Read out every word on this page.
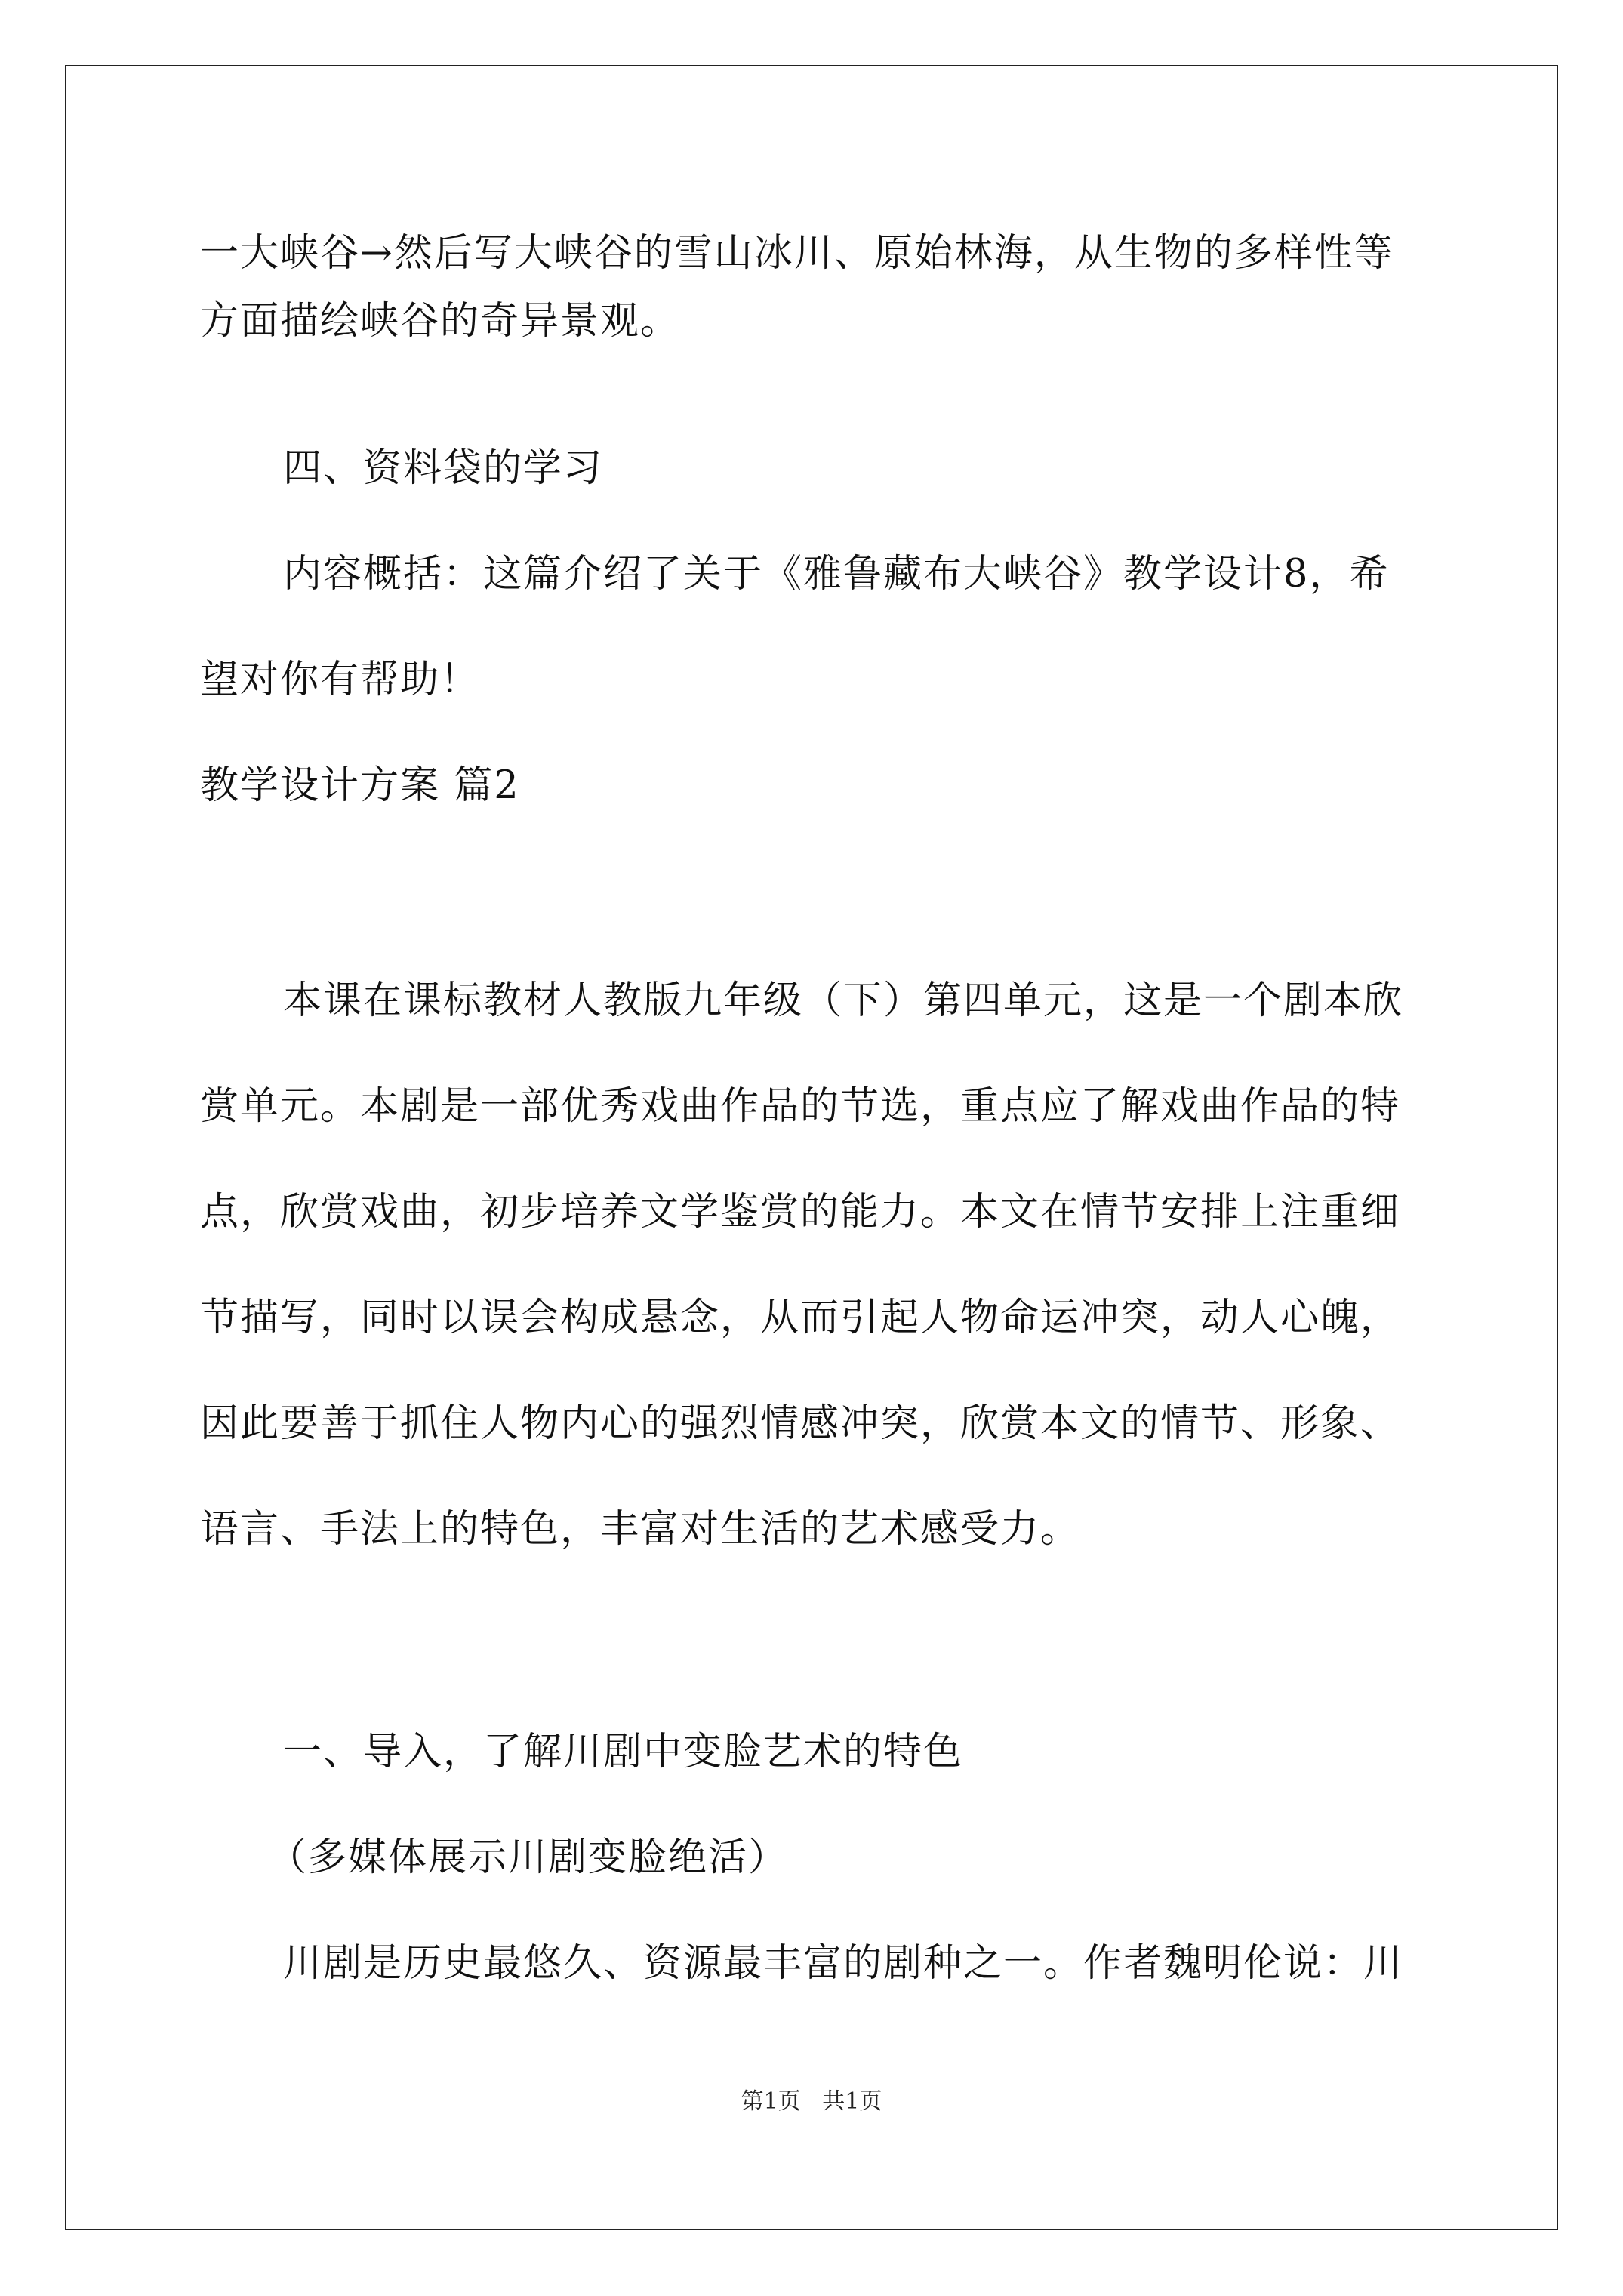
一大峡谷→然后写大峡谷的雪山冰川、原始林海，从生物的多样性等
方面描绘峡谷的奇异景观。
四、资料袋的学习
内容概括：这篇介绍了关于《雅鲁藏布大峡谷》教学设计8，希
望对你有帮助！
教学设计方案 篇2
本课在课标教材人教版九年级（下）第四单元，这是一个剧本欣
赏单元。本剧是一部优秀戏曲作品的节选，重点应了解戏曲作品的特
点，欣赏戏曲，初步培养文学鉴赏的能力。本文在情节安排上注重细
节描写，同时以误会构成悬念，从而引起人物命运冲突，动人心魄，
因此要善于抓住人物内心的强烈情感冲突，欣赏本文的情节、形象、
语言、手法上的特色，丰富对生活的艺术感受力。
一、导入，了解川剧中变脸艺术的特色
（多媒体展示川剧变脸绝活）
川剧是历史最悠久、资源最丰富的剧种之一。作者魏明伦说：川
第1页   共1页
